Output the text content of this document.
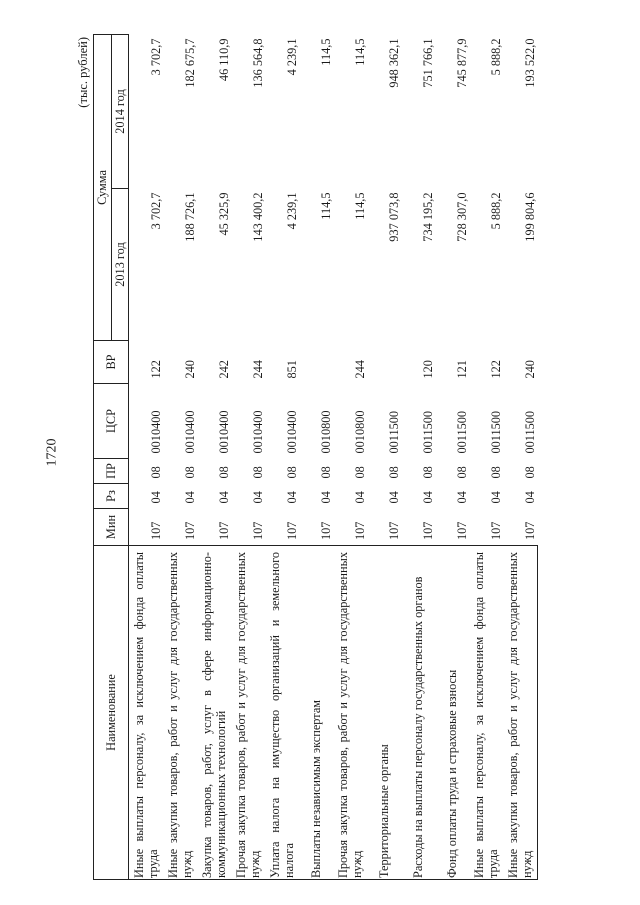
1720
(тыс. рублей)
Наименование	Мин	Рз	ПР	ЦСР	ВР	Сумма	
						2013 год	2014 год
Иные выплаты персоналу, за исключением фонда оплаты труда	107	04	08	0010400	122	3 702,7	3 702,7
Иные закупки товаров, работ и услуг для государственных нужд	107	04	08	0010400	240	188 726,1	182 675,7
Закупка товаров, работ, услуг в сфере информационно-коммуникационных технологий	107	04	08	0010400	242	45 325,9	46 110,9
Прочая закупка товаров, работ и услуг для государственных нужд	107	04	08	0010400	244	143 400,2	136 564,8
Уплата налога на имущество организаций и земельного налога	107	04	08	0010400	851	4 239,1	4 239,1
Выплаты независимым экспертам	107	04	08	0010800		114,5	114,5
Прочая закупка товаров, работ и услуг для государственных нужд	107	04	08	0010800	244	114,5	114,5
Территориальные органы	107	04	08	0011500		937 073,8	948 362,1
Расходы на выплаты персоналу государственных органов	107	04	08	0011500	120	734 195,2	751 766,1
Фонд оплаты труда и страховые взносы	107	04	08	0011500	121	728 307,0	745 877,9
Иные выплаты персоналу, за исключением фонда оплаты труда	107	04	08	0011500	122	5 888,2	5 888,2
Иные закупки товаров, работ и услуг для государственных нужд	107	04	08	0011500	240	199 804,6	193 522,0
